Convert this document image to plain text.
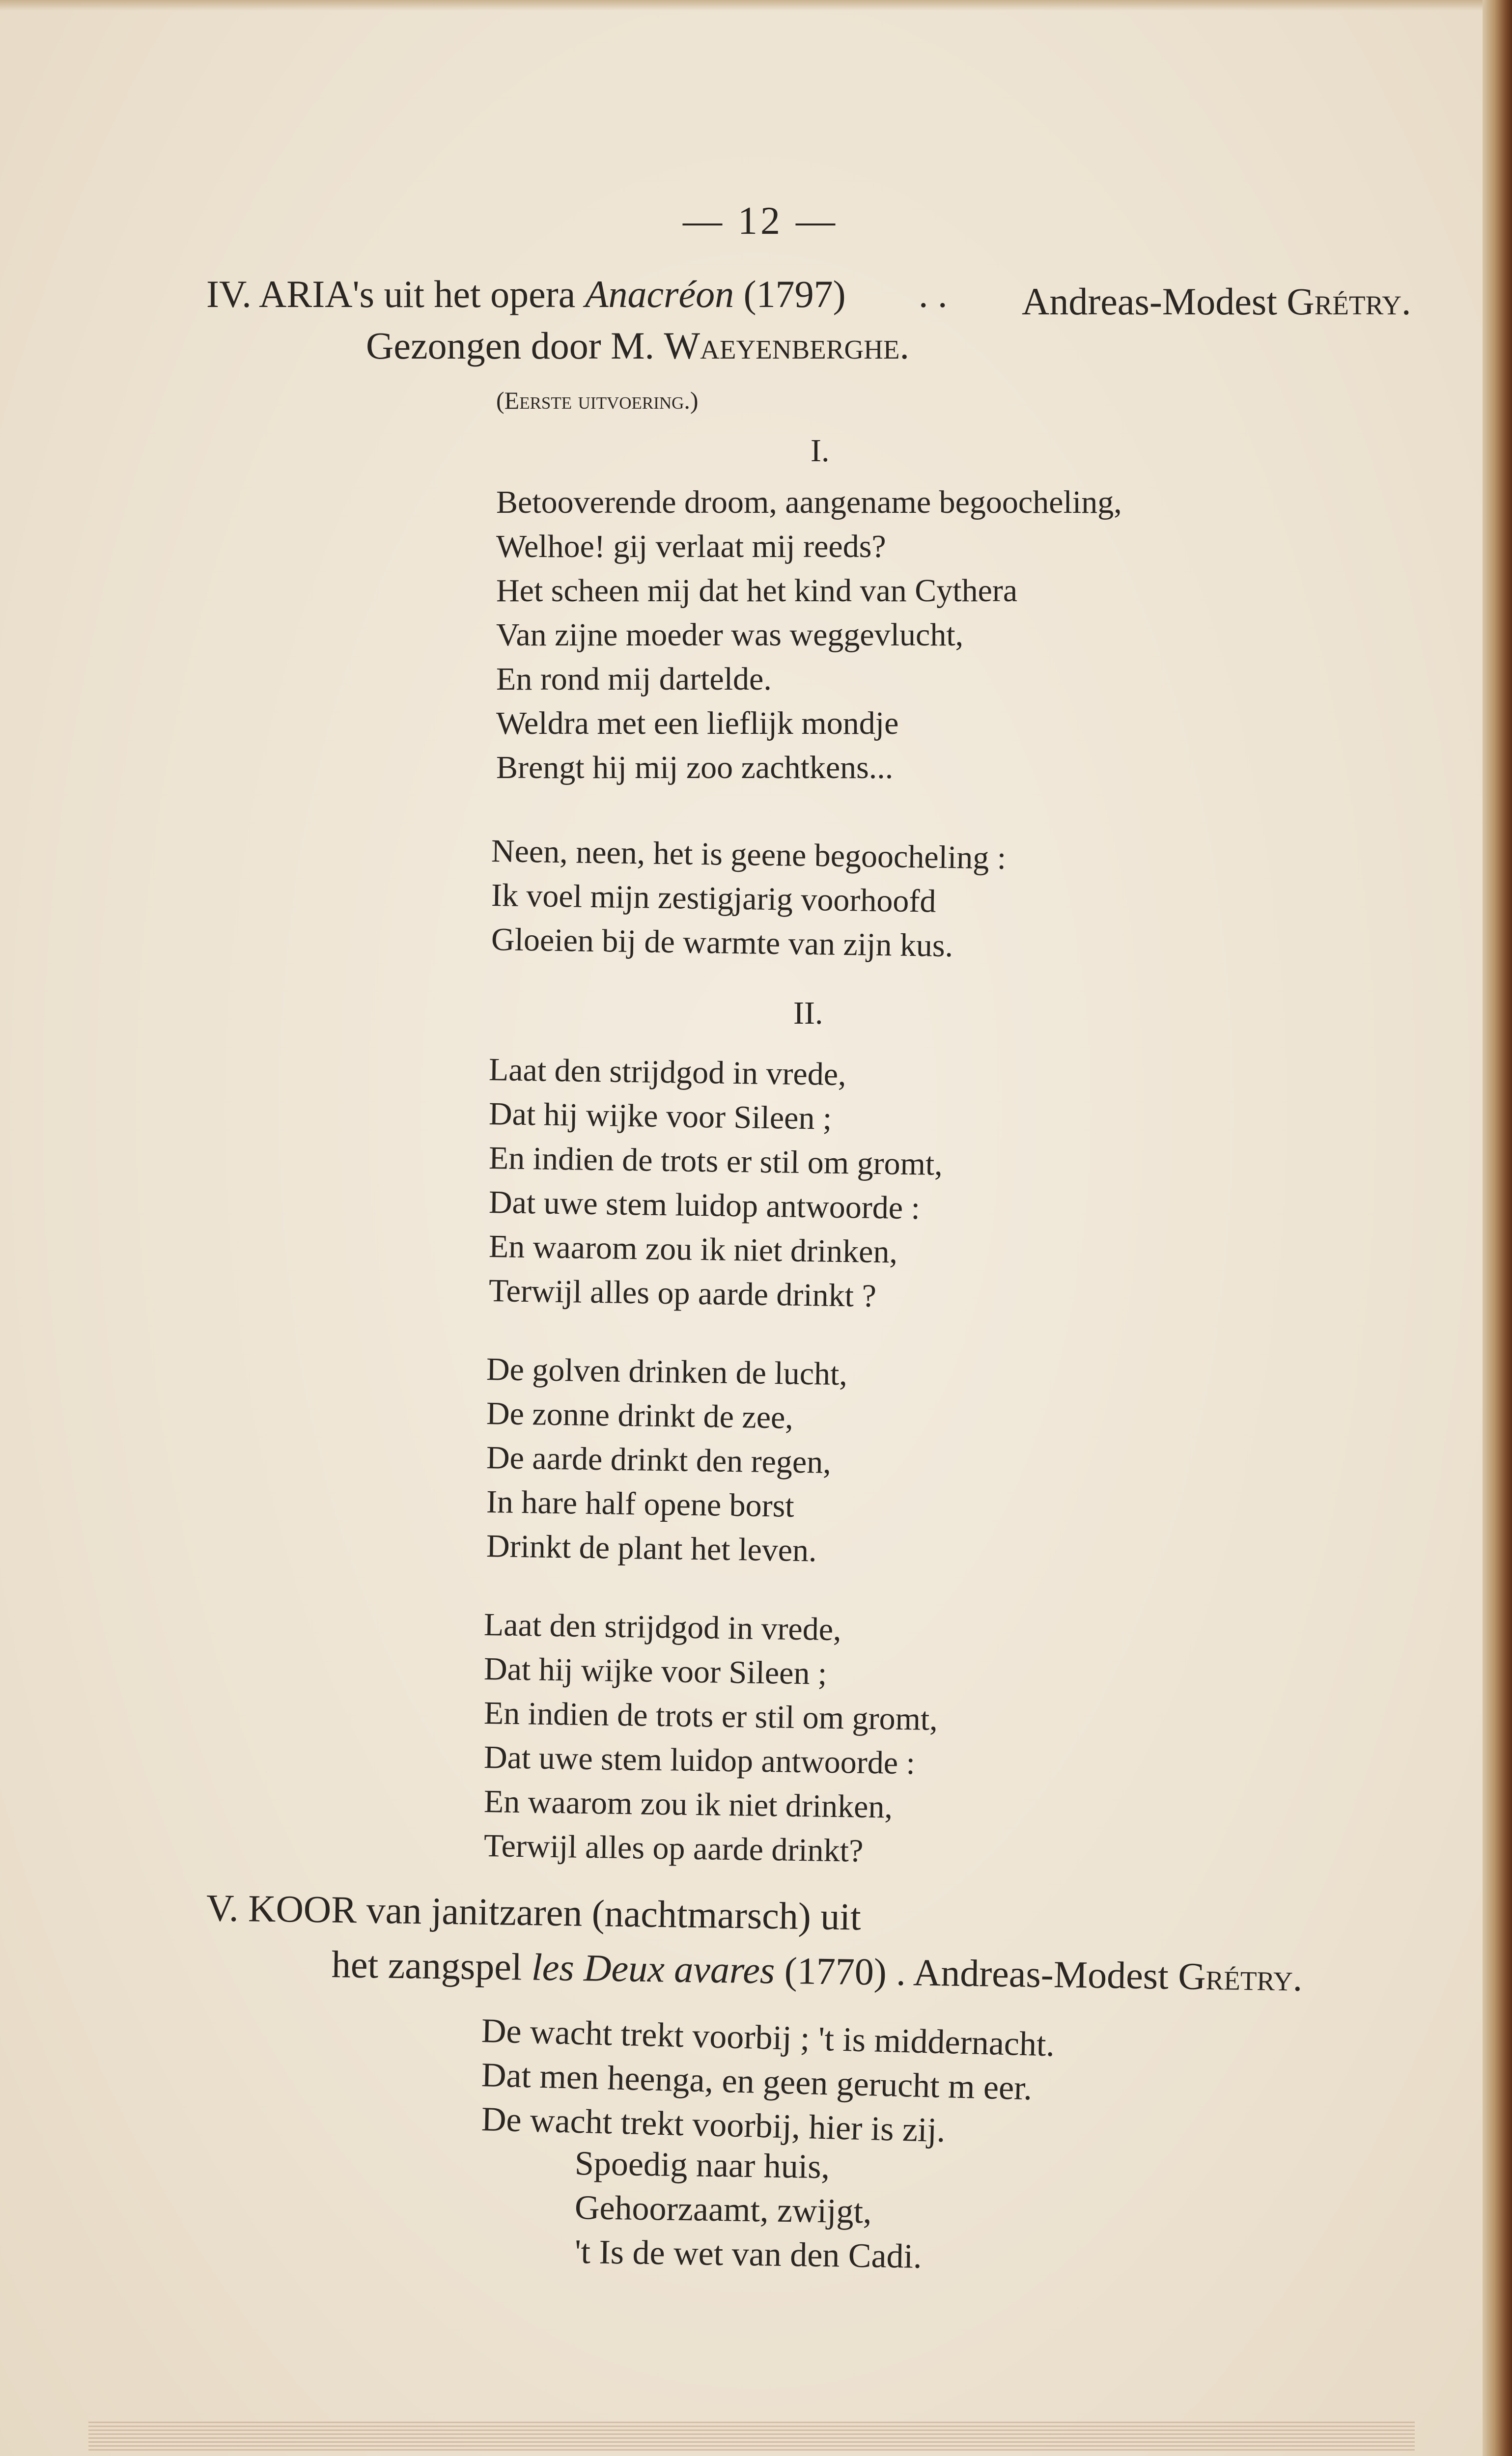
— 12 —
IV. ARIA's uit het opera Anacréon (1797) . . Andreas-Modest Grétry.
Gezongen door M. Waeyenberghe.
(Eerste uitvoering.)
I.
Betooverende droom, aangename begoocheling,
Welhoe! gij verlaat mij reeds?
Het scheen mij dat het kind van Cythera
Van zijne moeder was weggevlucht,
En rond mij dartelde.
Weldra met een lieflijk mondje
Brengt hij mij zoo zachtkens...
Neen, neen, het is geene begoocheling :
Ik voel mijn zestigjarig voorhoofd
Gloeien bij de warmte van zijn kus.
II.
Laat den strijdgod in vrede,
Dat hij wijke voor Sileen ;
En indien de trots er stil om gromt,
Dat uwe stem luidop antwoorde :
En waarom zou ik niet drinken,
Terwijl alles op aarde drinkt ?
De golven drinken de lucht,
De zonne drinkt de zee,
De aarde drinkt den regen,
In hare half opene borst
Drinkt de plant het leven.
Laat den strijdgod in vrede,
Dat hij wijke voor Sileen ;
En indien de trots er stil om gromt,
Dat uwe stem luidop antwoorde :
En waarom zou ik niet drinken,
Terwijl alles op aarde drinkt?
V. KOOR van janitzaren (nachtmarsch) uit
het zangspel les Deux avares (1770) . Andreas-Modest Grétry.
De wacht trekt voorbij ; 't is middernacht.
Dat men heenga, en geen gerucht m eer.
De wacht trekt voorbij, hier is zij.
Spoedig naar huis,
Gehoorzaamt, zwijgt,
't Is de wet van den Cadi.
